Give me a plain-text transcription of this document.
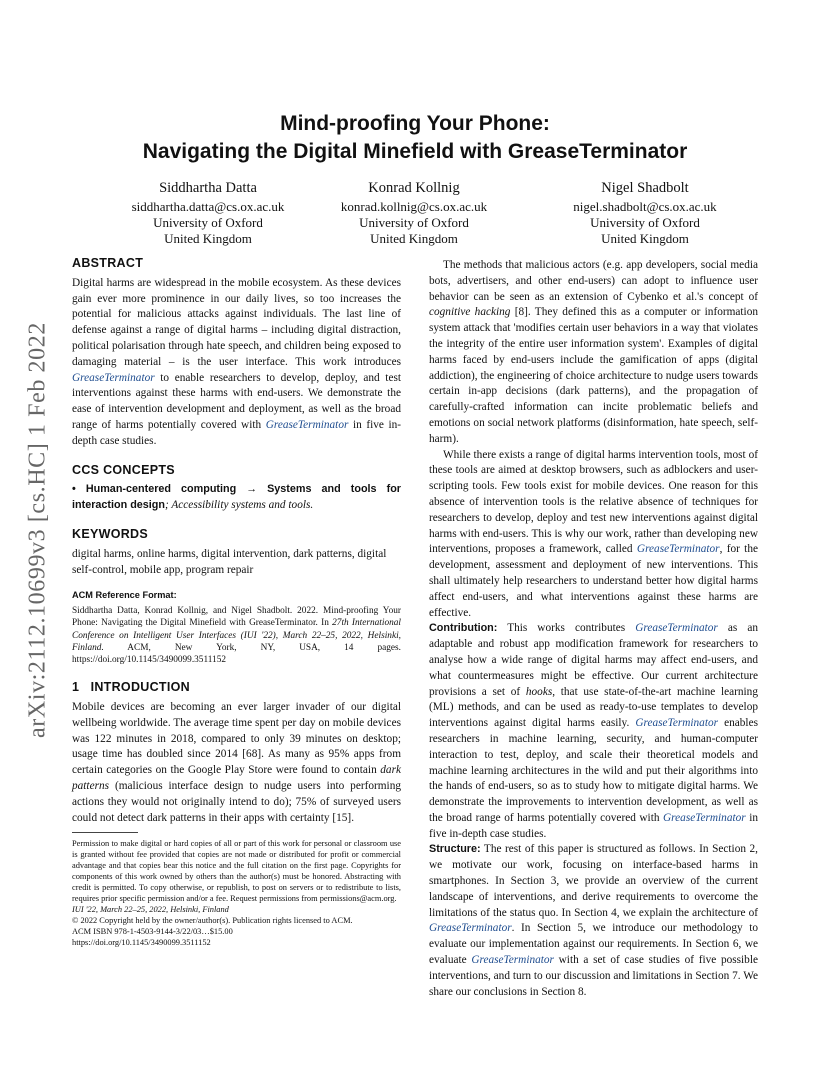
arXiv:2112.10699v3 [cs.HC] 1 Feb 2022
Mind-proofing Your Phone:
Navigating the Digital Minefield with GreaseTerminator
Siddhartha Datta
siddhartha.datta@cs.ox.ac.uk
University of Oxford
United Kingdom
Konrad Kollnig
konrad.kollnig@cs.ox.ac.uk
University of Oxford
United Kingdom
Nigel Shadbolt
nigel.shadbolt@cs.ox.ac.uk
University of Oxford
United Kingdom
ABSTRACT

Digital harms are widespread in the mobile ecosystem. As these devices gain ever more prominence in our daily lives, so too increases the potential for malicious attacks against individuals. The last line of defense against a range of digital harms – including digital distraction, political polarisation through hate speech, and children being exposed to damaging material – is the user interface. This work introduces GreaseTerminator to enable researchers to develop, deploy, and test interventions against these harms with end-users. We demonstrate the ease of intervention development and deployment, as well as the broad range of harms potentially covered with GreaseTerminator in five in-depth case studies.

CCS CONCEPTS

• Human-centered computing → Systems and tools for interaction design; Accessibility systems and tools.

KEYWORDS

digital harms, online harms, digital intervention, dark patterns, digital self-control, mobile app, program repair

ACM Reference Format:

Siddhartha Datta, Konrad Kollnig, and Nigel Shadbolt. 2022. Mind-proofing Your Phone: Navigating the Digital Minefield with GreaseTerminator. In 27th International Conference on Intelligent User Interfaces (IUI '22), March 22–25, 2022, Helsinki, Finland. ACM, New York, NY, USA, 14 pages. https://doi.org/10.1145/3490099.3511152

1   INTRODUCTION

Mobile devices are becoming an ever larger invader of our digital wellbeing worldwide. The average time spent per day on mobile devices was 122 minutes in 2018, compared to only 39 minutes on desktop; usage time has doubled since 2014 [68]. As many as 95% apps from certain categories on the Google Play Store were found to contain dark patterns (malicious interface design to nudge users into performing actions they would not originally intend to do); 75% of surveyed users could not detect dark patterns in their apps with certainty [15].

Permission to make digital or hard copies of all or part of this work for personal or classroom use is granted without fee provided that copies are not made or distributed for profit or commercial advantage and that copies bear this notice and the full citation on the first page. Copyrights for components of this work owned by others than the author(s) must be honored. Abstracting with credit is permitted. To copy otherwise, or republish, to post on servers or to redistribute to lists, requires prior specific permission and/or a fee. Request permissions from permissions@acm.org.

IUI '22, March 22–25, 2022, Helsinki, Finland

© 2022 Copyright held by the owner/author(s). Publication rights licensed to ACM.

ACM ISBN 978-1-4503-9144-3/22/03…$15.00

https://doi.org/10.1145/3490099.3511152

The methods that malicious actors (e.g. app developers, social media bots, advertisers, and other end-users) can adopt to influence user behavior can be seen as an extension of Cybenko et al.'s concept of cognitive hacking [8]. They defined this as a computer or information system attack that 'modifies certain user behaviors in a way that violates the integrity of the entire user information system'. Examples of digital harms faced by end-users include the gamification of apps (digital addiction), the engineering of choice architecture to nudge users towards certain in-app decisions (dark patterns), and the propagation of carefully-crafted information can incite problematic beliefs and emotions on social network platforms (disinformation, hate speech, self-harm).

While there exists a range of digital harms intervention tools, most of these tools are aimed at desktop browsers, such as adblockers and user-scripting tools. Few tools exist for mobile devices. One reason for this absence of intervention tools is the relative absence of techniques for researchers to develop, deploy and test new interventions against digital harms with end-users. This is why our work, rather than developing new interventions, proposes a framework, called GreaseTerminator, for the development, assessment and deployment of new interventions. This shall ultimately help researchers to understand better how digital harms affect end-users, and what interventions against these harms are effective.

Contribution: This works contributes GreaseTerminator as an adaptable and robust app modification framework for researchers to analyse how a wide range of digital harms may affect end-users, and what countermeasures might be effective. Our current architecture provisions a set of hooks, that use state-of-the-art machine learning (ML) methods, and can be used as ready-to-use templates to develop interventions against digital harms easily. GreaseTerminator enables researchers in machine learning, security, and human-computer interaction to test, deploy, and scale their theoretical models and machine learning architectures in the wild and put their algorithms into the hands of end-users, so as to study how to mitigate digital harms. We demonstrate the improvements to intervention development, as well as the broad range of harms potentially covered with GreaseTerminator in five in-depth case studies.

Structure: The rest of this paper is structured as follows. In Section 2, we motivate our work, focusing on interface-based harms in smartphones. In Section 3, we provide an overview of the current landscape of interventions, and derive requirements to overcome the limitations of the status quo. In Section 4, we explain the architecture of GreaseTerminator. In Section 5, we introduce our methodology to evaluate our implementation against our requirements. In Section 6, we evaluate GreaseTerminator with a set of case studies of five possible interventions, and turn to our discussion and limitations in Section 7. We share our conclusions in Section 8.
